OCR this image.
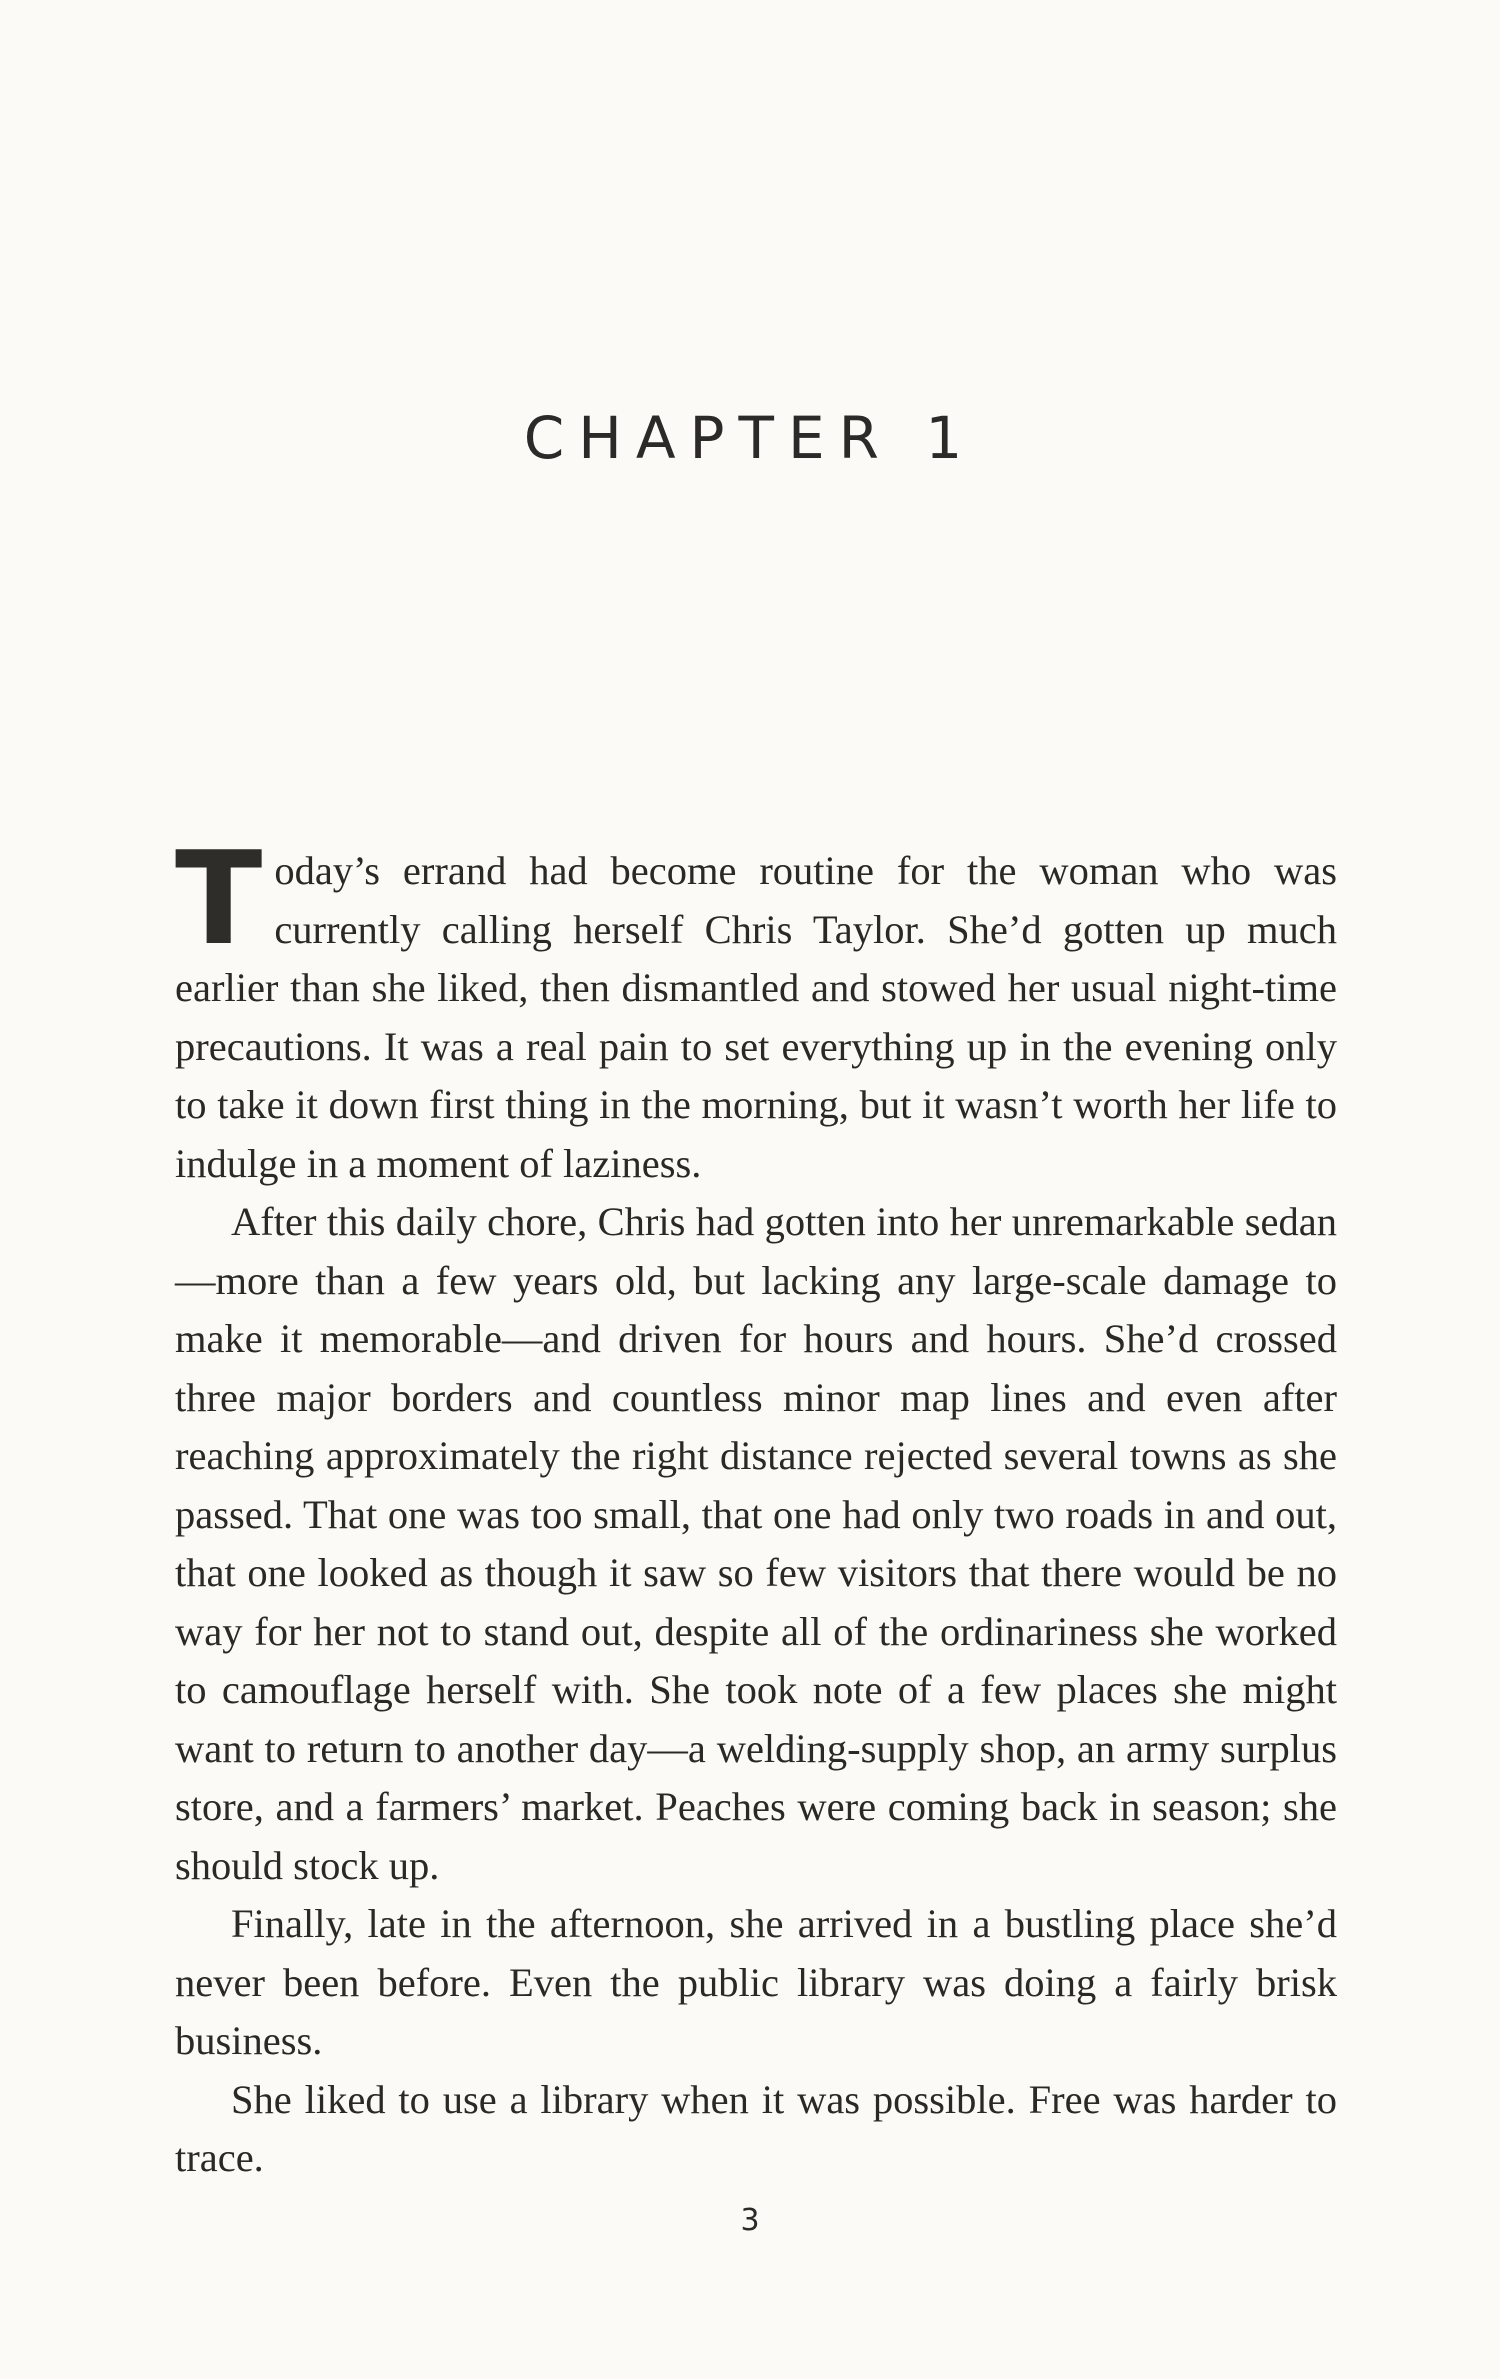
CHAPTER 1

Today’s errand had become routine for the woman who was currently calling herself Chris Taylor. She’d gotten up much earlier than she liked, then dismantled and stowed her usual night-time precautions. It was a real pain to set everything up in the evening only to take it down first thing in the morning, but it wasn’t worth her life to indulge in a moment of laziness.

After this daily chore, Chris had gotten into her unremarkable sedan—more than a few years old, but lacking any large-scale damage to make it memorable—and driven for hours and hours. She’d crossed three major borders and countless minor map lines and even after reaching approximately the right distance rejected several towns as she passed. That one was too small, that one had only two roads in and out, that one looked as though it saw so few visitors that there would be no way for her not to stand out, despite all of the ordinariness she worked to camouflage herself with. She took note of a few places she might want to return to another day—a welding-supply shop, an army surplus store, and a farmers’ market. Peaches were coming back in season; she should stock up.

Finally, late in the afternoon, she arrived in a bustling place she’d never been before. Even the public library was doing a fairly brisk business.

She liked to use a library when it was possible. Free was harder to trace.

3
